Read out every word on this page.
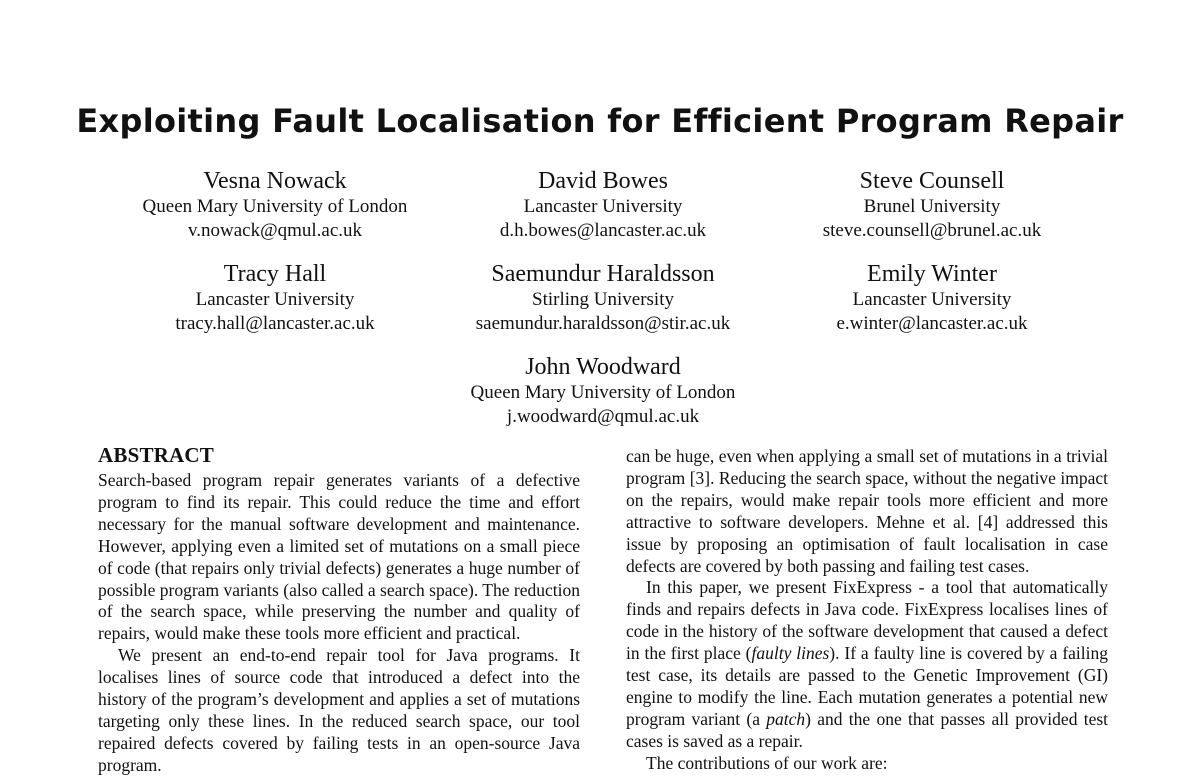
Exploiting Fault Localisation for Efficient Program Repair
Vesna Nowack
Queen Mary University of London
v.nowack@qmul.ac.uk
David Bowes
Lancaster University
d.h.bowes@lancaster.ac.uk
Steve Counsell
Brunel University
steve.counsell@brunel.ac.uk
Tracy Hall
Lancaster University
tracy.hall@lancaster.ac.uk
Saemundur Haraldsson
Stirling University
saemundur.haraldsson@stir.ac.uk
Emily Winter
Lancaster University
e.winter@lancaster.ac.uk
John Woodward
Queen Mary University of London
j.woodward@qmul.ac.uk
ABSTRACT

Search-based program repair generates variants of a defective program to find its repair. This could reduce the time and effort necessary for the manual software development and maintenance. However, applying even a limited set of mutations on a small piece of code (that repairs only trivial defects) generates a huge number of possible program variants (also called a search space). The reduction of the search space, while preserving the number and quality of repairs, would make these tools more efficient and practical.

We present an end-to-end repair tool for Java programs. It localises lines of source code that introduced a defect into the history of the program’s development and applies a set of mutations targeting only these lines. In the reduced search space, our tool repaired defects covered by failing tests in an open-source Java program.

can be huge, even when applying a small set of mutations in a trivial program [3]. Reducing the search space, without the negative impact on the repairs, would make repair tools more efficient and more attractive to software developers. Mehne et al. [4] addressed this issue by proposing an optimisation of fault localisation in case defects are covered by both passing and failing test cases.

In this paper, we present FixExpress - a tool that automatically finds and repairs defects in Java code. FixExpress localises lines of code in the history of the software development that caused a defect in the first place (faulty lines). If a faulty line is covered by a failing test case, its details are passed to the Genetic Improvement (GI) engine to modify the line. Each mutation generates a potential new program variant (a patch) and the one that passes all provided test cases is saved as a repair.

The contributions of our work are:
